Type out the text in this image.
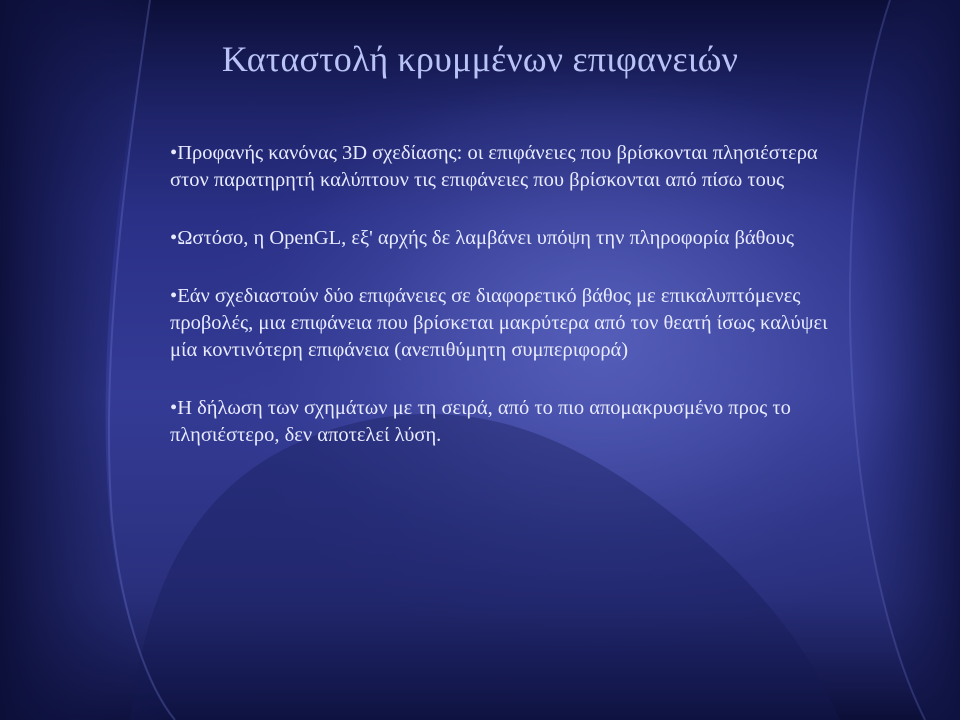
Καταστολή κρυμμένων επιφανειών
•Προφανής κανόνας 3D σχεδίασης: οι επιφάνειες που βρίσκονται πλησιέστερα στον παρατηρητή καλύπτουν τις επιφάνειες που βρίσκονται από πίσω τους
•Ωστόσο, η OpenGL, εξ' αρχής δε λαμβάνει υπόψη την πληροφορία βάθους
•Εάν σχεδιαστούν δύο επιφάνειες σε διαφορετικό βάθος με επικαλυπτόμενες προβολές, μια επιφάνεια που βρίσκεται μακρύτερα από τον θεατή ίσως καλύψει μία κοντινότερη επιφάνεια (ανεπιθύμητη συμπεριφορά)
•Η δήλωση των σχημάτων με τη σειρά, από το πιο απομακρυσμένο προς το πλησιέστερο, δεν αποτελεί λύση.
